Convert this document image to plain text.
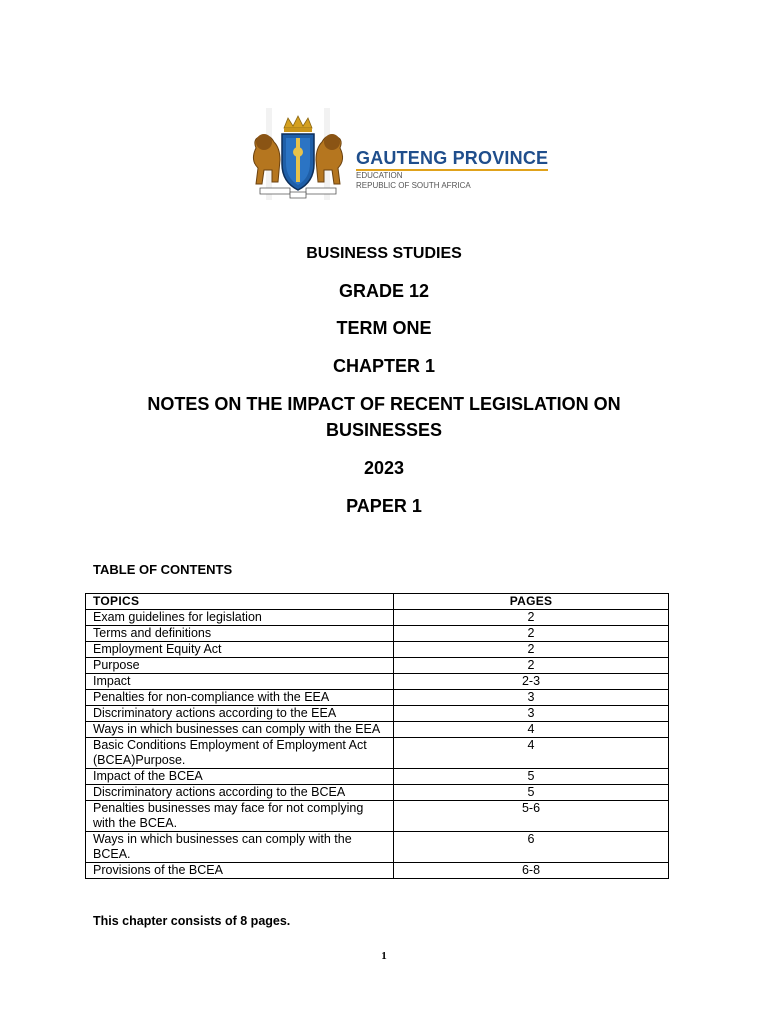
GAUTENG PROVINCE
EDUCATION
REPUBLIC OF SOUTH AFRICA
BUSINESS STUDIES
GRADE 12
TERM ONE
CHAPTER 1
NOTES ON THE IMPACT OF RECENT LEGISLATION ON
BUSINESSES
2023
PAPER 1
TABLE OF CONTENTS
TOPICS	PAGES
Exam guidelines for legislation	2
Terms and definitions	2
Employment Equity Act	2
Purpose	2
Impact	2-3
Penalties for non-compliance with the EEA	3
Discriminatory actions according to the EEA	3
Ways in which businesses can comply with the EEA	4
Basic Conditions Employment of Employment Act (BCEA)Purpose.	4
Impact of the BCEA	5
Discriminatory actions according to the BCEA	5
Penalties businesses may face for not complying with the BCEA.	5-6
Ways in which businesses can comply with the BCEA.	6
Provisions of the BCEA	6-8
This chapter consists of 8 pages.
1
